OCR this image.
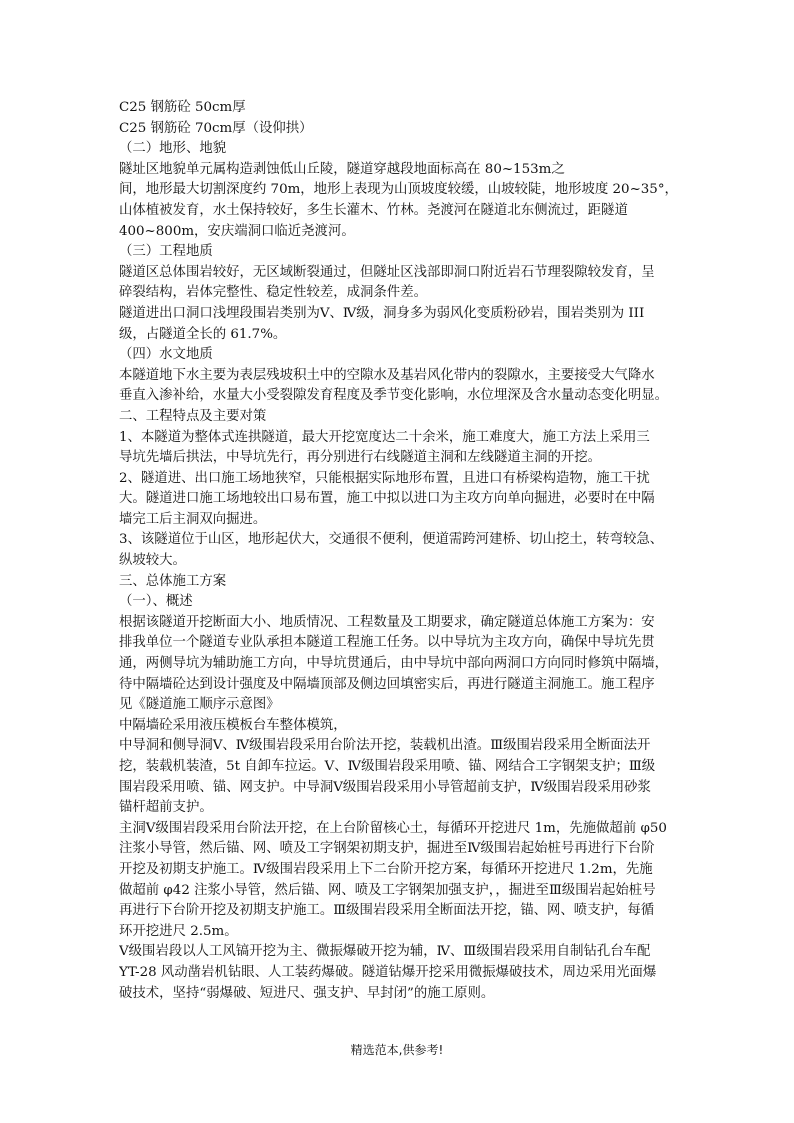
C25 钢筋砼 50cm厚
C25 钢筋砼 70cm厚（设仰拱）
（二）地形、地貌
隧址区地貌单元属构造剥蚀低山丘陵，隧道穿越段地面标高在 80~153m之
间，地形最大切割深度约 70m，地形上表现为山顶坡度较缓，山坡较陡，地形坡度 20~35°，
山体植被发育，水土保持较好，多生长灌木、竹林。尧渡河在隧道北东侧流过，距隧道
400~800m，安庆端洞口临近尧渡河。
（三）工程地质
隧道区总体围岩较好，无区域断裂通过，但隧址区浅部即洞口附近岩石节理裂隙较发育，呈
碎裂结构，岩体完整性、稳定性较差，成洞条件差。
隧道进出口洞口浅埋段围岩类别为Ⅴ、Ⅳ级，洞身多为弱风化变质粉砂岩，围岩类别为 III
级，占隧道全长的 61.7%。
（四）水文地质
本隧道地下水主要为表层残坡积土中的空隙水及基岩风化带内的裂隙水，主要接受大气降水
垂直入渗补给，水量大小受裂隙发育程度及季节变化影响，水位埋深及含水量动态变化明显。
二、工程特点及主要对策
1、本隧道为整体式连拱隧道，最大开挖宽度达二十余米，施工难度大，施工方法上采用三
导坑先墙后拱法，中导坑先行，再分别进行右线隧道主洞和左线隧道主洞的开挖。
2、隧道进、出口施工场地狭窄，只能根据实际地形布置，且进口有桥梁构造物，施工干扰
大。隧道进口施工场地较出口易布置，施工中拟以进口为主攻方向单向掘进，必要时在中隔
墙完工后主洞双向掘进。
3、该隧道位于山区，地形起伏大，交通很不便利，便道需跨河建桥、切山挖土，转弯较急、
纵坡较大。
三、总体施工方案
（一）、概述
根据该隧道开挖断面大小、地质情况、工程数量及工期要求，确定隧道总体施工方案为：安
排我单位一个隧道专业队承担本隧道工程施工任务。以中导坑为主攻方向，确保中导坑先贯
通，两侧导坑为辅助施工方向，中导坑贯通后，由中导坑中部向两洞口方向同时修筑中隔墙，
待中隔墙砼达到设计强度及中隔墙顶部及侧边回填密实后，再进行隧道主洞施工。施工程序
见《隧道施工顺序示意图》
中隔墙砼采用液压模板台车整体模筑，
中导洞和侧导洞Ⅴ、Ⅳ级围岩段采用台阶法开挖，装载机出渣。Ⅲ级围岩段采用全断面法开
挖，装载机装渣，5t 自卸车拉运。Ⅴ、Ⅳ级围岩段采用喷、锚、网结合工字钢架支护；Ⅲ级
围岩段采用喷、锚、网支护。中导洞Ⅴ级围岩段采用小导管超前支护，Ⅳ级围岩段采用砂浆
锚杆超前支护。
主洞Ⅴ级围岩段采用台阶法开挖，在上台阶留核心土，每循环开挖进尺 1m，先施做超前 φ50
注浆小导管，然后锚、网、喷及工字钢架初期支护，掘进至Ⅳ级围岩起始桩号再进行下台阶
开挖及初期支护施工。Ⅳ级围岩段采用上下二台阶开挖方案，每循环开挖进尺 1.2m，先施
做超前 φ42 注浆小导管，然后锚、网、喷及工字钢架加强支护，，掘进至Ⅲ级围岩起始桩号
再进行下台阶开挖及初期支护施工。Ⅲ级围岩段采用全断面法开挖，锚、网、喷支护，每循
环开挖进尺 2.5m。
Ⅴ级围岩段以人工风镐开挖为主、微振爆破开挖为辅，Ⅳ、Ⅲ级围岩段采用自制钻孔台车配
YT-28 风动凿岩机钻眼、人工装药爆破。隧道钻爆开挖采用微振爆破技术，周边采用光面爆
破技术，坚持“弱爆破、短进尺、强支护、早封闭”的施工原则。
精选范本,供参考!
